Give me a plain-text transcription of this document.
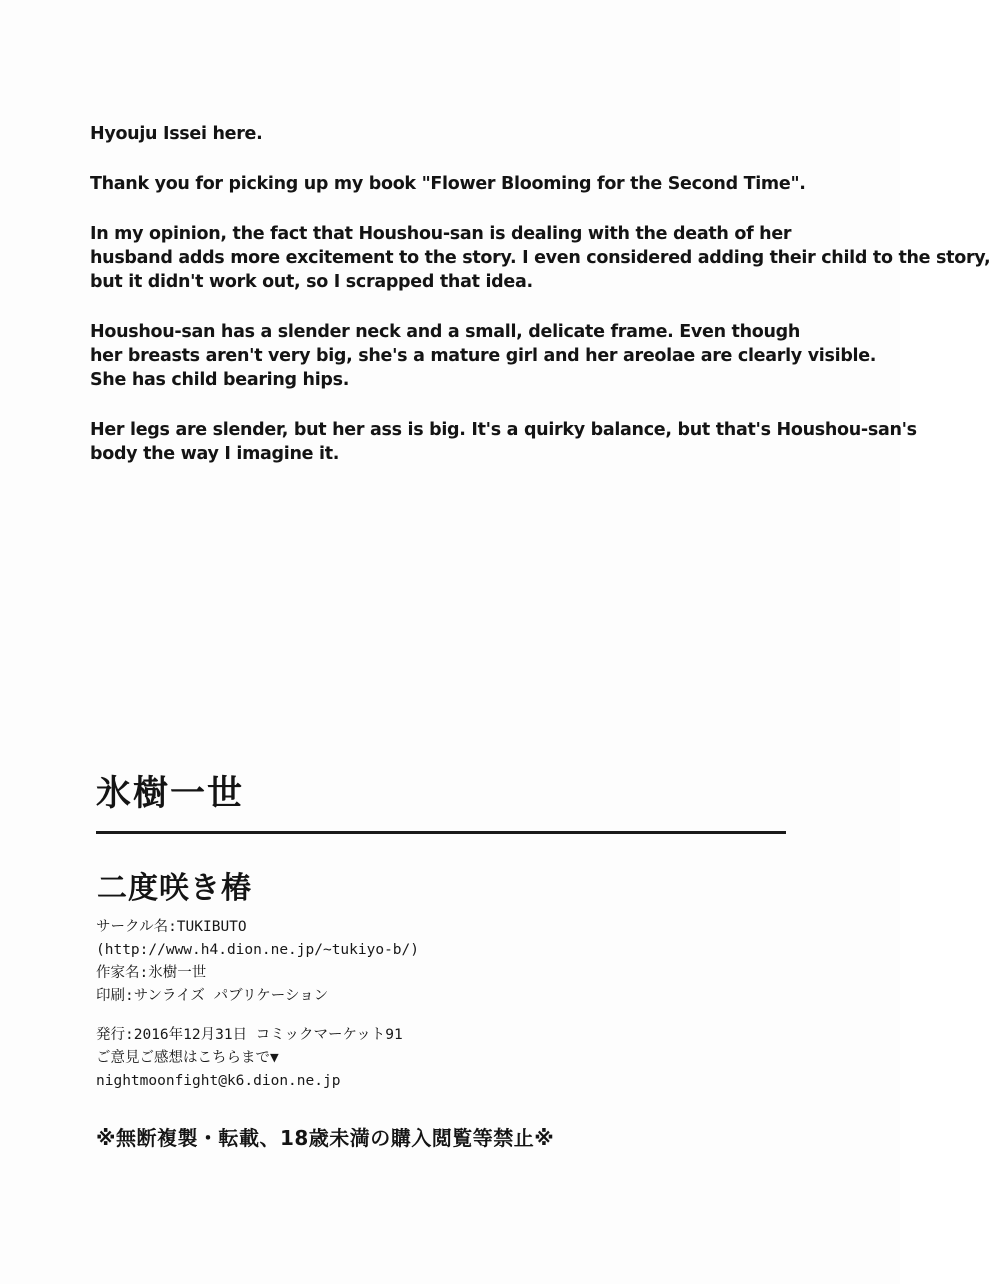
Hyouju Issei here.

Thank you for picking up my book "Flower Blooming for the Second Time".

In my opinion, the fact that Houshou-san is dealing with the death of her
husband adds more excitement to the story. I even considered adding their child to the story,
but it didn't work out, so I scrapped that idea.

Houshou-san has a slender neck and a small, delicate frame. Even though
her breasts aren't very big, she's a mature girl and her areolae are clearly visible.
She has child bearing hips.

Her legs are slender, but her ass is big. It's a quirky balance, but that's Houshou-san's
body the way I imagine it.

氷樹一世
二度咲き椿
サークル名:TUKIBUTO
(http://www.h4.dion.ne.jp/~tukiyo-b/)
作家名:氷樹一世
印刷:サンライズ パブリケーション
発行:2016年12月31日 コミックマーケット91
ご意見ご感想はこちらまで▼
nightmoonfight@k6.dion.ne.jp
※無断複製・転載、18歳未満の購入閲覧等禁止※
